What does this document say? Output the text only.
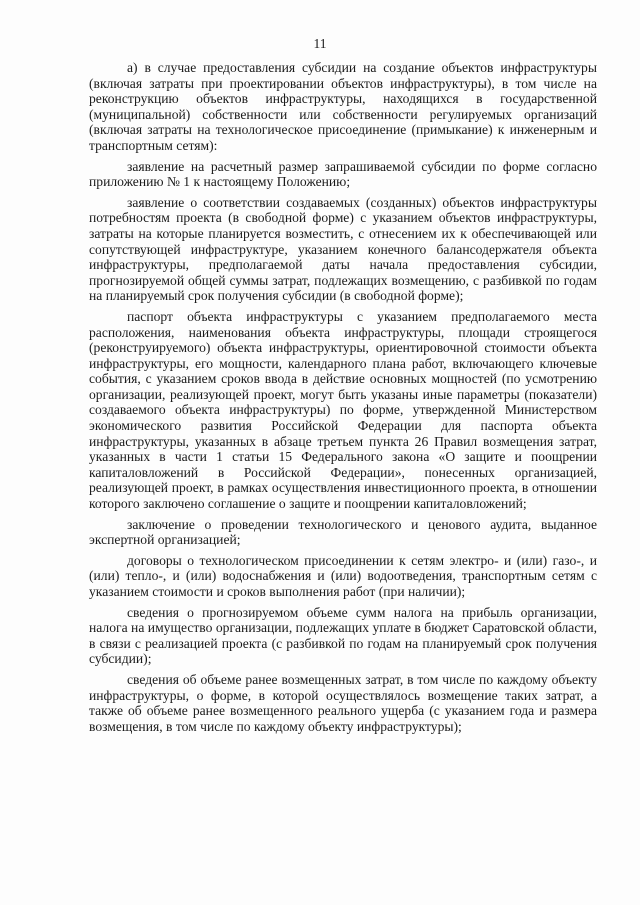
11

а) в случае предоставления субсидии на создание объектов инфраструктуры (включая затраты при проектировании объектов инфраструктуры), в том числе на реконструкцию объектов инфраструктуры, находящихся в государственной (муниципальной) собственности или собственности регулируемых организаций (включая затраты на технологическое присоединение (примыкание) к инженерным и транспортным сетям):

заявление на расчетный размер запрашиваемой субсидии по форме согласно приложению № 1 к настоящему Положению;

заявление о соответствии создаваемых (созданных) объектов инфраструктуры потребностям проекта (в свободной форме) с указанием объектов инфраструктуры, затраты на которые планируется возместить, с отнесением их к обеспечивающей или сопутствующей инфраструктуре, указанием конечного балансодержателя объекта инфраструктуры, предполагаемой даты начала предоставления субсидии, прогнозируемой общей суммы затрат, подлежащих возмещению, с разбивкой по годам на планируемый срок получения субсидии (в свободной форме);

паспорт объекта инфраструктуры с указанием предполагаемого места расположения, наименования объекта инфраструктуры, площади строящегося (реконструируемого) объекта инфраструктуры, ориентировочной стоимости объекта инфраструктуры, его мощности, календарного плана работ, включающего ключевые события, с указанием сроков ввода в действие основных мощностей (по усмотрению организации, реализующей проект, могут быть указаны иные параметры (показатели) создаваемого объекта инфраструктуры) по форме, утвержденной Министерством экономического развития Российской Федерации для паспорта объекта инфраструктуры, указанных в абзаце третьем пункта 26 Правил возмещения затрат, указанных в части 1 статьи 15 Федерального закона «О защите и поощрении капиталовложений в Российской Федерации», понесенных организацией, реализующей проект, в рамках осуществления инвестиционного проекта, в отношении которого заключено соглашение о защите и поощрении капиталовложений;

заключение о проведении технологического и ценового аудита, выданное экспертной организацией;

договоры о технологическом присоединении к сетям электро- и (или) газо-, и (или) тепло-, и (или) водоснабжения и (или) водоотведения, транспортным сетям с указанием стоимости и сроков выполнения работ (при наличии);

сведения о прогнозируемом объеме сумм налога на прибыль организации, налога на имущество организации, подлежащих уплате в бюджет Саратовской области, в связи с реализацией проекта (с разбивкой по годам на планируемый срок получения субсидии);

сведения об объеме ранее возмещенных затрат, в том числе по каждому объекту инфраструктуры, о форме, в которой осуществлялось возмещение таких затрат, а также об объеме ранее возмещенного реального ущерба (с указанием года и размера возмещения, в том числе по каждому объекту инфраструктуры);
